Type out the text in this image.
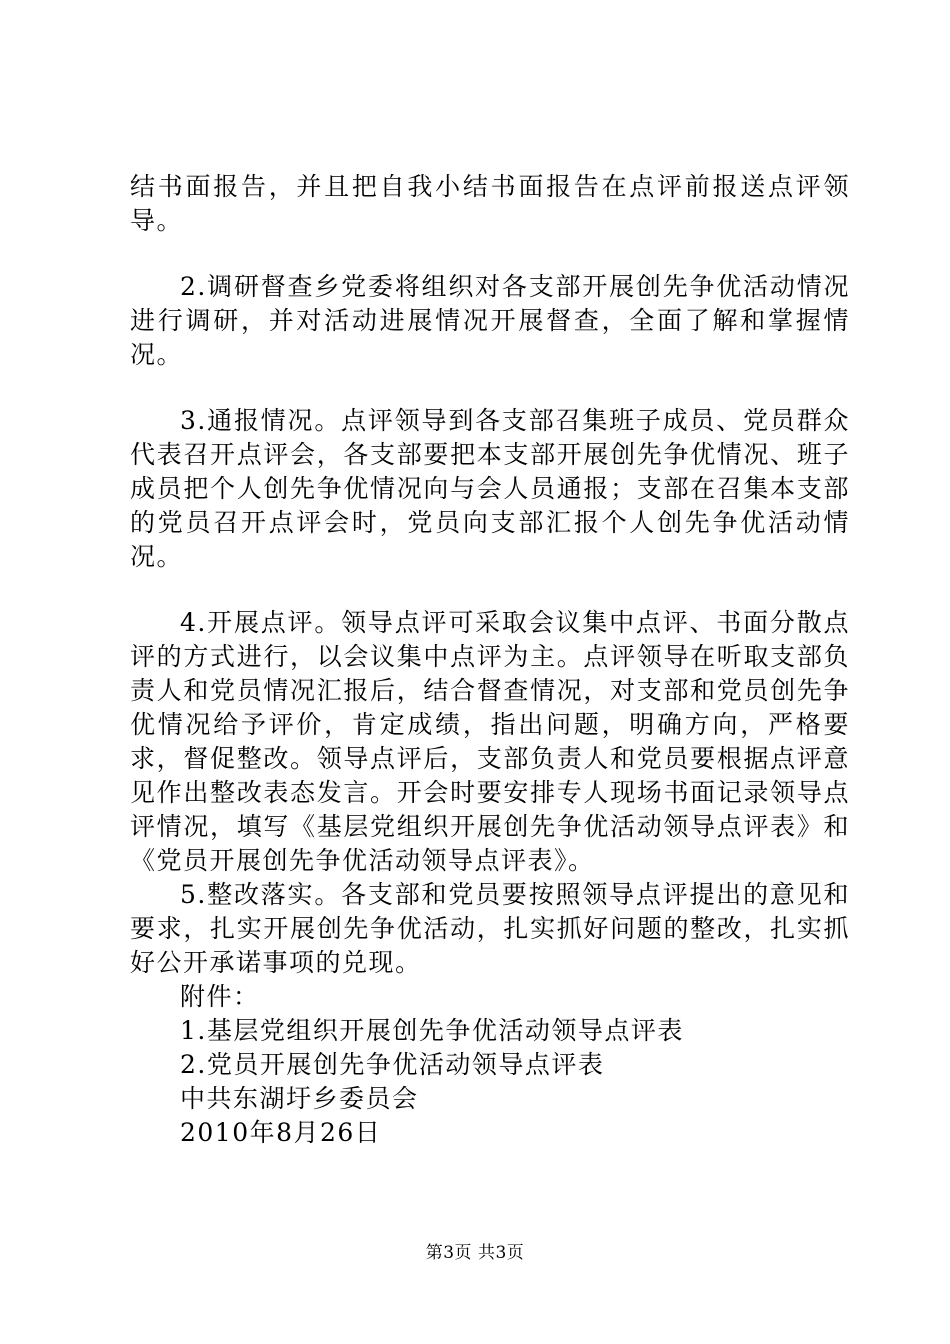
结书面报告，并且把自我小结书面报告在点评前报送点评领导。

2.调研督查乡党委将组织对各支部开展创先争优活动情况进行调研，并对活动进展情况开展督查，全面了解和掌握情况。

3.通报情况。点评领导到各支部召集班子成员、党员群众代表召开点评会，各支部要把本支部开展创先争优情况、班子成员把个人创先争优情况向与会人员通报；支部在召集本支部的党员召开点评会时，党员向支部汇报个人创先争优活动情况。

4.开展点评。领导点评可采取会议集中点评、书面分散点评的方式进行，以会议集中点评为主。点评领导在听取支部负责人和党员情况汇报后，结合督查情况，对支部和党员创先争优情况给予评价，肯定成绩，指出问题，明确方向，严格要求，督促整改。领导点评后，支部负责人和党员要根据点评意见作出整改表态发言。开会时要安排专人现场书面记录领导点评情况，填写《基层党组织开展创先争优活动领导点评表》和《党员开展创先争优活动领导点评表》。

5.整改落实。各支部和党员要按照领导点评提出的意见和要求，扎实开展创先争优活动，扎实抓好问题的整改，扎实抓好公开承诺事项的兑现。

附件：

1.基层党组织开展创先争优活动领导点评表

2.党员开展创先争优活动领导点评表

中共东湖圩乡委员会

2010年8月26日

第3页 共3页
